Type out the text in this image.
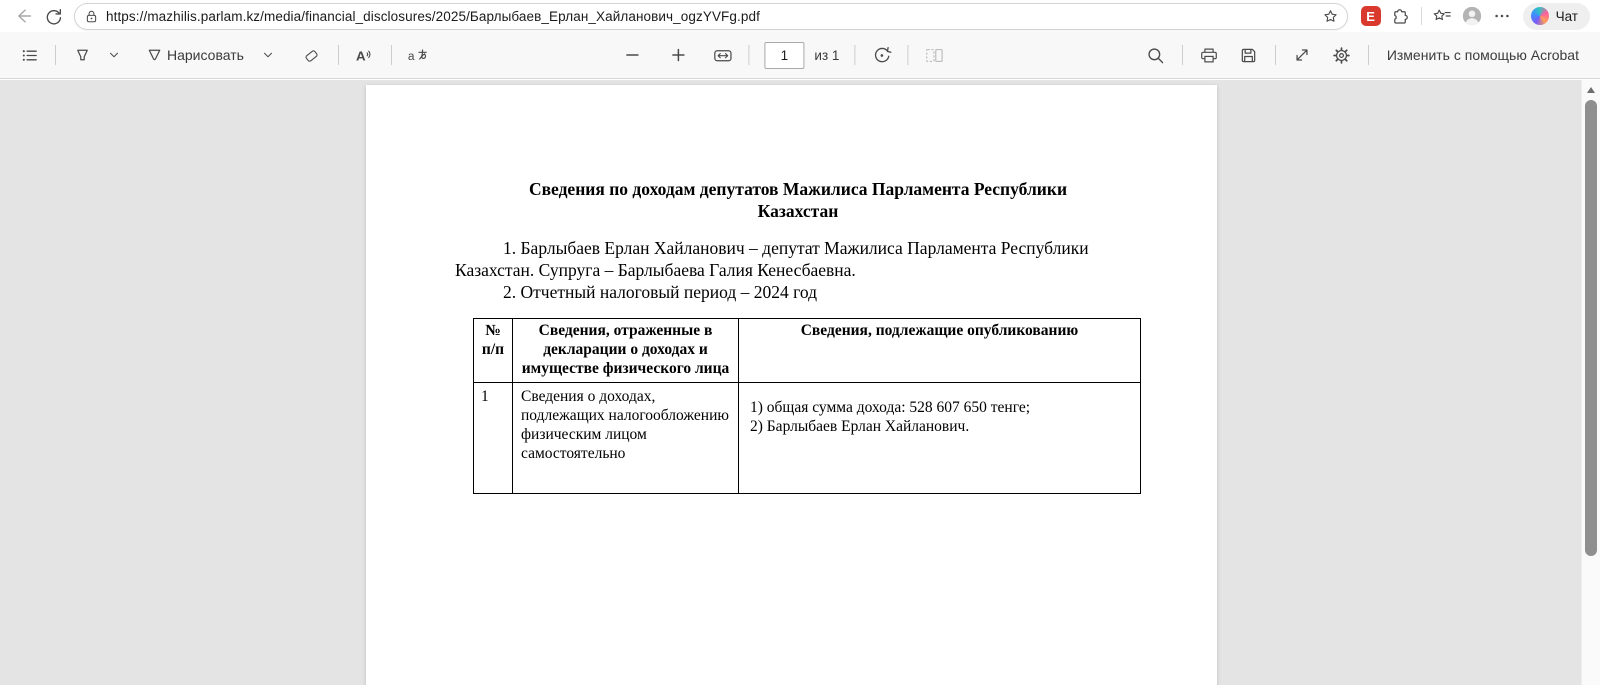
https://mazhilis.parlam.kz/media/financial_disclosures/2025/Барлыбаев_Ерлан_Хайланович_ogzYVFg.pdf	E	Чат
Нарисовать	A	a
1	из 1	Изменить с помощью Acrobat
Сведения по доходам депутатов Мажилиса Парламента Республики Казахстан

1. Барлыбаев Ерлан Хайланович – депутат Мажилиса Парламента Республики Казахстан. Супруга – Барлыбаева Галия Кенесбаевна.

2. Отчетный налоговый период – 2024 год

№ п/п	Сведения, отраженные в декларации о доходах и имуществе физического лица	Сведения, подлежащие опубликованию
1	Сведения о доходах, подлежащих налогообложению физическим лицом самостоятельно	1) общая сумма дохода: 528 607 650 тенге;
2) Барлыбаев Ерлан Хайланович.
